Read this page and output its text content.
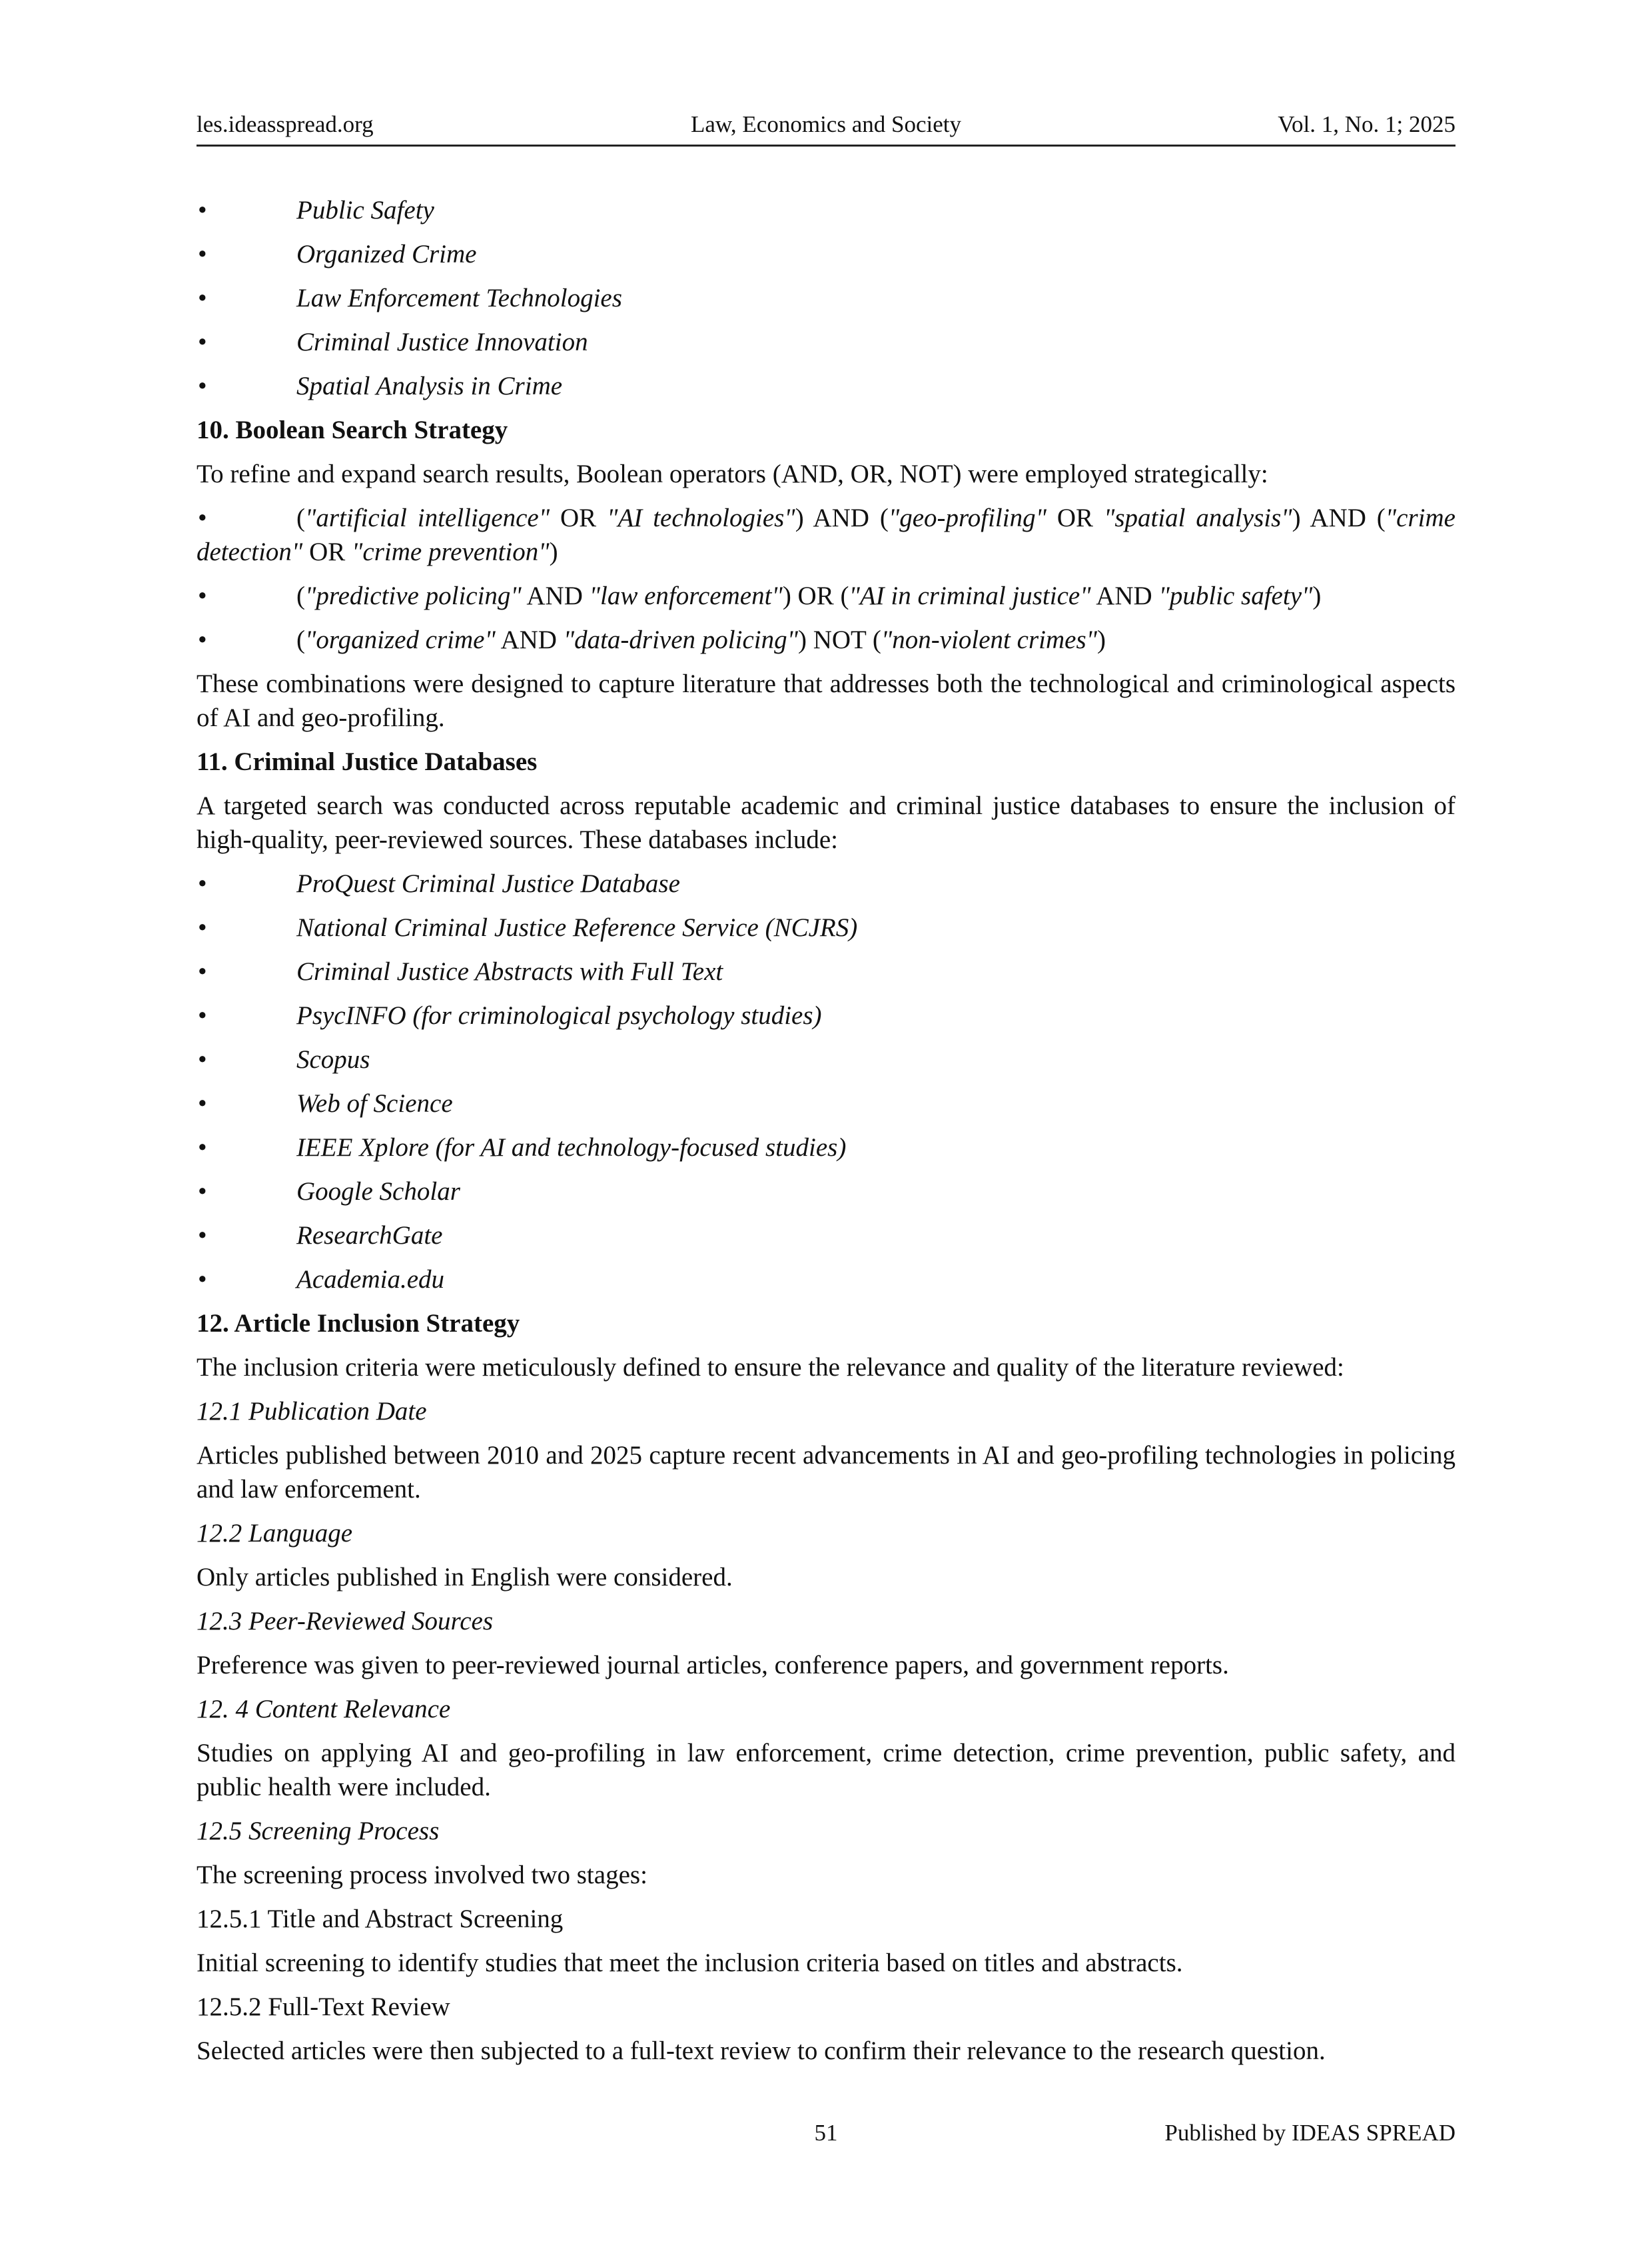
Law, Economics and Society
les.ideasspread.org	Vol. 1, No. 1; 2025
•	Public Safety
•	Organized Crime
•	Law Enforcement Technologies
•	Criminal Justice Innovation
•	Spatial Analysis in Crime
10. Boolean Search Strategy
To refine and expand search results, Boolean operators (AND, OR, NOT) were employed strategically:
•	("artificial intelligence" OR "AI technologies") AND ("geo-profiling" OR "spatial analysis") AND ("crime detection" OR "crime prevention")
•	("predictive policing" AND "law enforcement") OR ("AI in criminal justice" AND "public safety")
•	("organized crime" AND "data-driven policing") NOT ("non-violent crimes")
These combinations were designed to capture literature that addresses both the technological and criminological aspects of AI and geo-profiling.
11. Criminal Justice Databases
A targeted search was conducted across reputable academic and criminal justice databases to ensure the inclusion of high-quality, peer-reviewed sources. These databases include:
•	ProQuest Criminal Justice Database
•	National Criminal Justice Reference Service (NCJRS)
•	Criminal Justice Abstracts with Full Text
•	PsycINFO (for criminological psychology studies)
•	Scopus
•	Web of Science
•	IEEE Xplore (for AI and technology-focused studies)
•	Google Scholar
•	ResearchGate
•	Academia.edu
12. Article Inclusion Strategy
The inclusion criteria were meticulously defined to ensure the relevance and quality of the literature reviewed:
12.1 Publication Date
Articles published between 2010 and 2025 capture recent advancements in AI and geo-profiling technologies in policing and law enforcement.
12.2 Language
Only articles published in English were considered.
12.3 Peer-Reviewed Sources
Preference was given to peer-reviewed journal articles, conference papers, and government reports.
12. 4 Content Relevance
Studies on applying AI and geo-profiling in law enforcement, crime detection, crime prevention, public safety, and public health were included.
12.5 Screening Process
The screening process involved two stages:
12.5.1 Title and Abstract Screening
Initial screening to identify studies that meet the inclusion criteria based on titles and abstracts.
12.5.2 Full-Text Review
Selected articles were then subjected to a full-text review to confirm their relevance to the research question.
51	Published by IDEAS SPREAD
